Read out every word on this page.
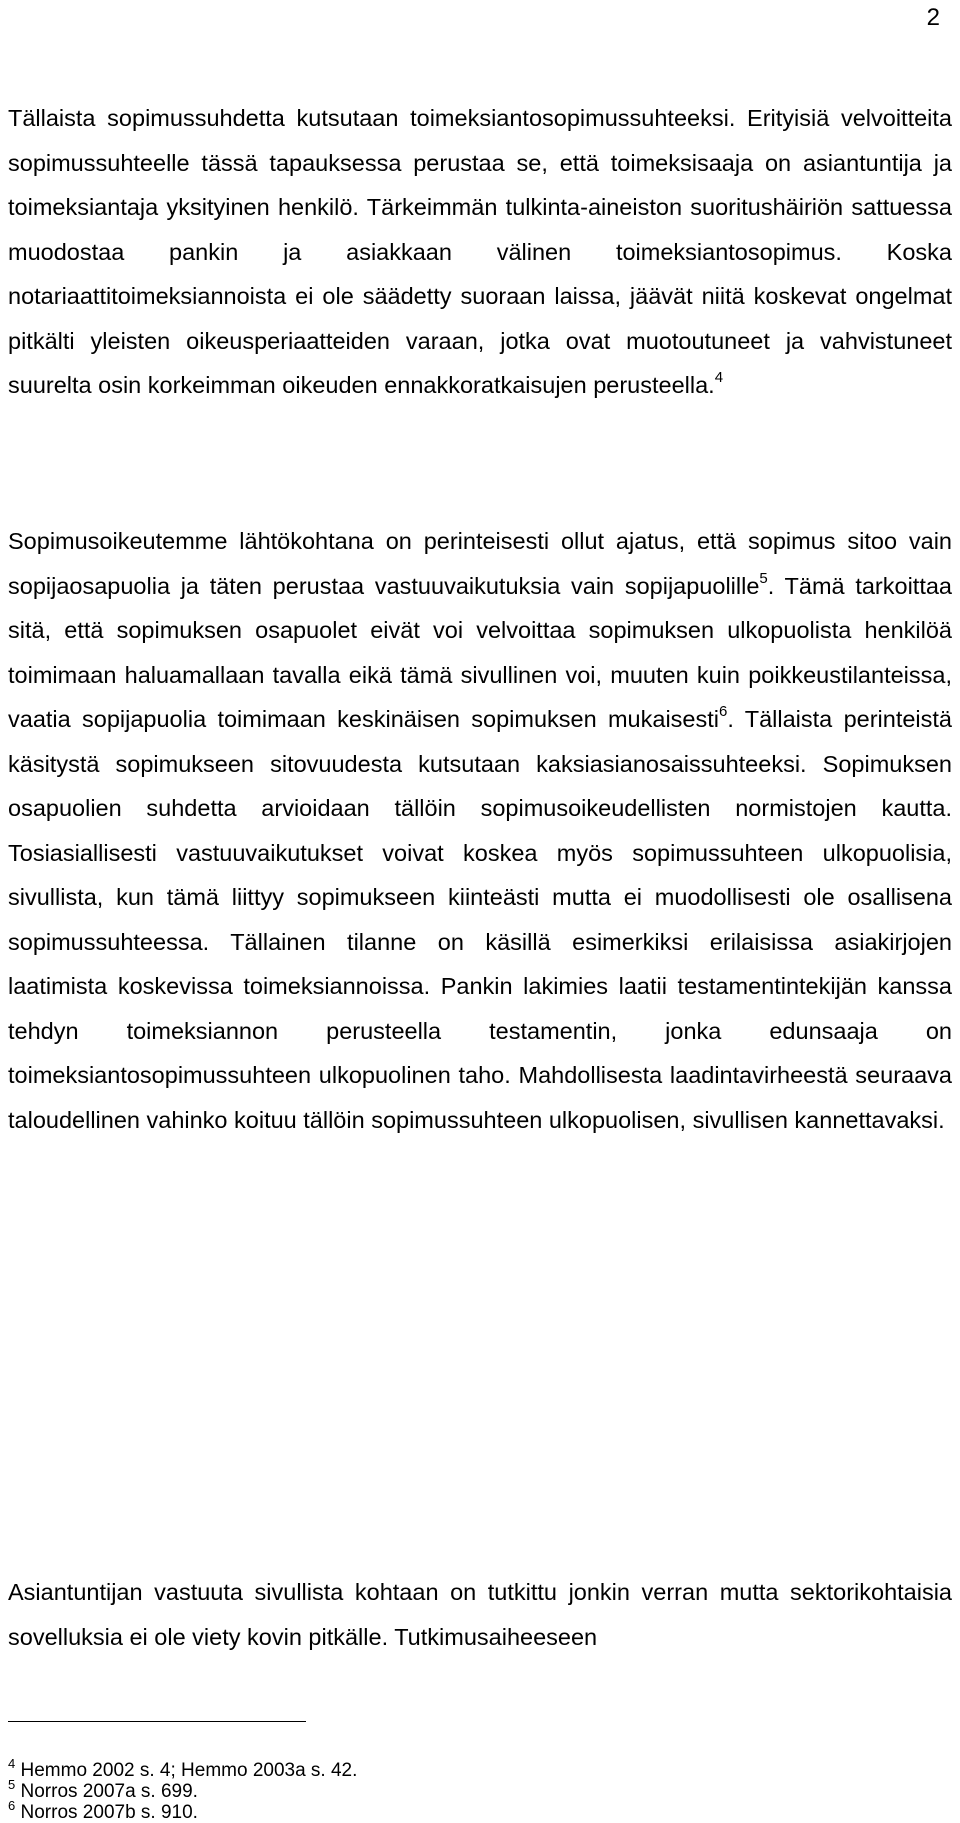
2

Tällaista sopimussuhdetta kutsutaan toimeksiantosopimussuhteeksi. Erityisiä velvoitteita sopimussuhteelle tässä tapauksessa perustaa se, että toimeksisaaja on asiantuntija ja toimeksiantaja yksityinen henkilö. Tärkeimmän tulkinta-aineiston suoritushäiriön sattuessa muodostaa pankin ja asiakkaan välinen toimeksiantosopimus. Koska notariaattitoimeksiannoista ei ole säädetty suoraan laissa, jäävät niitä koskevat ongelmat pitkälti yleisten oikeusperiaatteiden varaan, jotka ovat muotoutuneet ja vahvistuneet suurelta osin korkeimman oikeuden ennakkoratkaisujen perusteella.$^4$

Sopimusoikeutemme lähtökohtana on perinteisesti ollut ajatus, että sopimus sitoo vain sopijaosapuolia ja täten perustaa vastuuvaikutuksia vain sopijapuolille$^5$. Tämä tarkoittaa sitä, että sopimuksen osapuolet eivät voi velvoittaa sopimuksen ulkopuolista henkilöä toimimaan haluamallaan tavalla eikä tämä sivullinen voi, muuten kuin poikkeustilanteissa, vaatia sopijapuolia toimimaan keskinäisen sopimuksen mukaisesti$^6$. Tällaista perinteistä käsitystä sopimukseen sitovuudesta kutsutaan kaksiasianosaissuhteeksi. Sopimuksen osapuolien suhdetta arvioidaan tällöin sopimusoikeudellisten normistojen kautta. Tosiasiallisesti vastuuvaikutukset voivat koskea myös sopimussuhteen ulkopuolisia, sivullista, kun tämä liittyy sopimukseen kiinteästi mutta ei muodollisesti ole osallisena sopimussuhteessa. Tällainen tilanne on käsillä esimerkiksi erilaisissa asiakirjojen laatimista koskevissa toimeksiannoissa. Pankin lakimies laatii testamentintekijän kanssa tehdyn toimeksiannon perusteella testamentin, jonka edunsaaja on toimeksiantosopimussuhteen ulkopuolinen taho. Mahdollisesta laadintavirheestä seuraava taloudellinen vahinko koituu tällöin sopimussuhteen ulkopuolisen, sivullisen kannettavaksi.

Asiantuntijan vastuuta sivullista kohtaan on tutkittu jonkin verran mutta sektorikohtaisia sovelluksia ei ole viety kovin pitkälle. Tutkimusaiheeseen

$^4$ Hemmo 2002 s. 4; Hemmo 2003a s. 42.
$^5$ Norros 2007a s. 699.
$^6$ Norros 2007b s. 910.
